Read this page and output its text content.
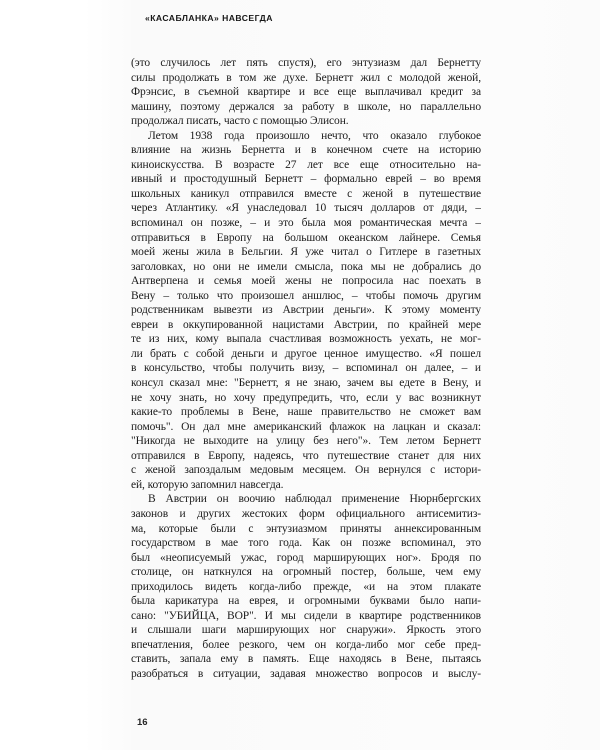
«КАСАБЛАНКА» НАВСЕГДА
(это случилось лет пять спустя), его энтузиазм дал Бернетту
силы продолжать в том же духе. Бернетт жил с молодой женой,
Фрэнсис, в съемной квартире и все еще выплачивал кредит за
машину, поэтому держался за работу в школе, но параллельно
продолжал писать, часто с помощью Элисон.
Летом 1938 года произошло нечто, что оказало глубокое
влияние на жизнь Бернетта и в конечном счете на историю
киноискусства. В возрасте 27 лет все еще относительно на-
ивный и простодушный Бернетт – формально еврей – во время
школьных каникул отправился вместе с женой в путешествие
через Атлантику. «Я унаследовал 10 тысяч долларов от дяди, –
вспоминал он позже, – и это была моя романтическая мечта –
отправиться в Европу на большом океанском лайнере. Семья
моей жены жила в Бельгии. Я уже читал о Гитлере в газетных
заголовках, но они не имели смысла, пока мы не добрались до
Антверпена и семья моей жены не попросила нас поехать в
Вену – только что произошел аншлюс, – чтобы помочь другим
родственникам вывезти из Австрии деньги». К этому моменту
евреи в оккупированной нацистами Австрии, по крайней мере
те из них, кому выпала счастливая возможность уехать, не мог-
ли брать с собой деньги и другое ценное имущество. «Я пошел
в консульство, чтобы получить визу, – вспоминал он далее, – и
консул сказал мне: "Бернетт, я не знаю, зачем вы едете в Вену, и
не хочу знать, но хочу предупредить, что, если у вас возникнут
какие-то проблемы в Вене, наше правительство не сможет вам
помочь". Он дал мне американский флажок на лацкан и сказал:
"Никогда не выходите на улицу без него"». Тем летом Бернетт
отправился в Европу, надеясь, что путешествие станет для них
с женой запоздалым медовым месяцем. Он вернулся с истори-
ей, которую запомнил навсегда.
В Австрии он воочию наблюдал применение Нюрнбергских
законов и других жестоких форм официального антисемитиз-
ма, которые были с энтузиазмом приняты аннексированным
государством в мае того года. Как он позже вспоминал, это
был «неописуемый ужас, город марширующих ног». Бродя по
столице, он наткнулся на огромный постер, больше, чем ему
приходилось видеть когда-либо прежде, «и на этом плакате
была карикатура на еврея, и огромными буквами было напи-
сано: "УБИЙЦА, ВОР". И мы сидели в квартире родственников
и слышали шаги марширующих ног снаружи». Яркость этого
впечатления, более резкого, чем он когда-либо мог себе пред-
ставить, запала ему в память. Еще находясь в Вене, пытаясь
разобраться в ситуации, задавая множество вопросов и выслу-
16
